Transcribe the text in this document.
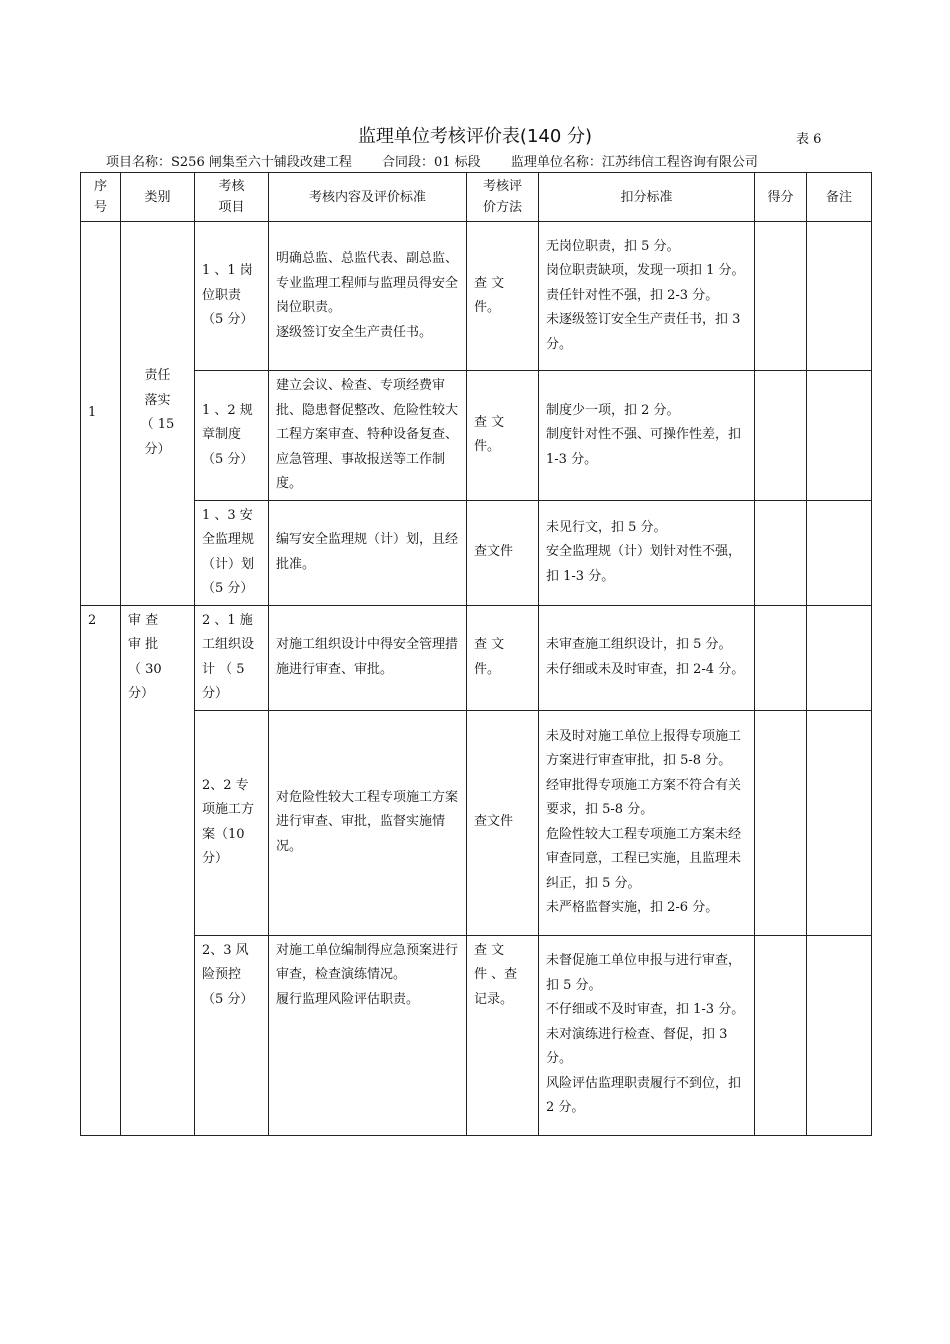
监理单位考核评价表(140 分)	表 6
项目名称：S256 闸集至六十铺段改建工程 合同段：01 标段 监理单位名称：江苏纬信工程咨询有限公司
序
号	类别	考核
项目	考核内容及评价标准	考核评
价方法	扣分标准	得分	备注
1	责任
落实
（ 15
分）	1 、1 岗
位职责
（5 分）	明确总监、总监代表、副总监、专业监理工程师与监理员得安全岗位职责。
逐级签订安全生产责任书。	查 文
件。	无岗位职责，扣 5 分。
岗位职责缺项，发现一项扣 1 分。
责任针对性不强，扣 2-3 分。
未逐级签订安全生产责任书，扣 3 分。		
		1 、2 规
章制度
（5 分）	建立会议、检查、专项经费审批、隐患督促整改、危险性较大工程方案审查、特种设备复查、应急管理、事故报送等工作制度。	查 文
件。	制度少一项，扣 2 分。
制度针对性不强、可操作性差，扣 1-3 分。		
		1 、3 安
全监理规
（计）划
（5 分）	编写安全监理规（计）划，且经批准。	查文件	未见行文，扣 5 分。
安全监理规（计）划针对性不强，扣 1-3 分。		
2	审 查
审 批
（ 30
分）	2 、1 施
工组织设
计 （ 5
分）	对施工组织设计中得安全管理措施进行审查、审批。	查 文
件。	未审查施工组织设计，扣 5 分。
未仔细或未及时审查，扣 2-4 分。		
		2、2 专
项施工方
案（10
分）	对危险性较大工程专项施工方案进行审查、审批，监督实施情况。	查文件	未及时对施工单位上报得专项施工方案进行审查审批，扣 5-8 分。
经审批得专项施工方案不符合有关要求，扣 5-8 分。
危险性较大工程专项施工方案未经审查同意，工程已实施，且监理未纠正，扣 5 分。
未严格监督实施，扣 2-6 分。		
		2、3 风
险预控
（5 分）	对施工单位编制得应急预案进行审查，检查演练情况。
履行监理风险评估职责。	查 文
件 、查
记录。	未督促施工单位申报与进行审查，扣 5 分。
不仔细或不及时审查，扣 1-3 分。
未对演练进行检查、督促，扣 3 分。
风险评估监理职责履行不到位，扣 2 分。		
